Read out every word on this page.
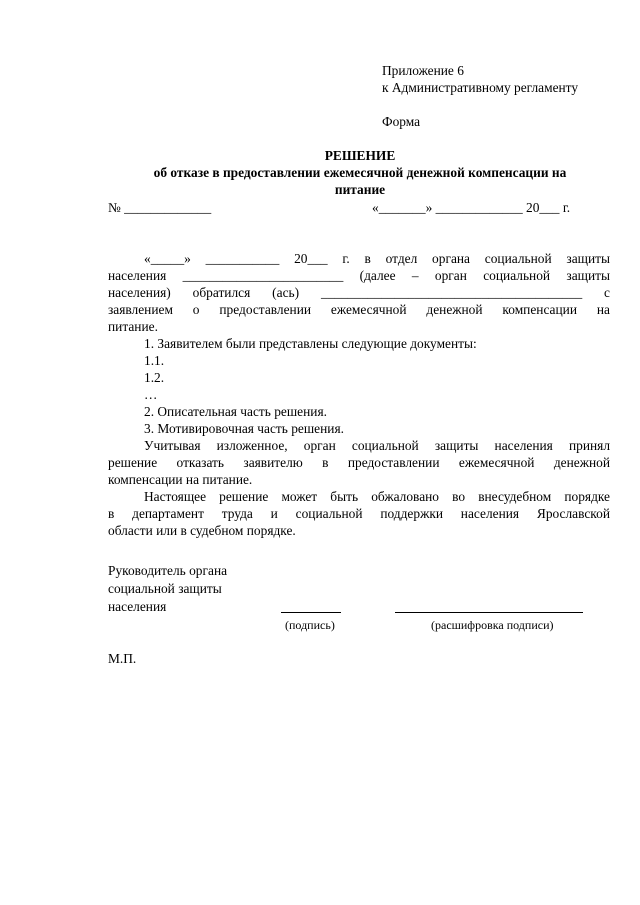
Приложение 6
к Административному регламенту
Форма
РЕШЕНИЕ
об отказе в предоставлении ежемесячной денежной компенсации на
питание
№ _____________	«_______» _____________ 20___ г.
«_____» ___________ 20___ г. в отдел органа социальной защиты
населения ________________________ (далее – орган социальной защиты
населения) обратился (ась) _______________________________________ с
заявлением о предоставлении ежемесячной денежной компенсации на
питание.
1. Заявителем были представлены следующие документы:
1.1.
1.2.
…
2. Описательная часть решения.
3. Мотивировочная часть решения.
Учитывая изложенное, орган социальной защиты населения принял
решение отказать заявителю в предоставлении ежемесячной денежной
компенсации на питание.
Настоящее решение может быть обжаловано во внесудебном порядке
в департамент труда и социальной поддержки населения Ярославской
области или в судебном порядке.
Руководитель органа
социальной защиты
населения
(подпись)	(расшифровка подписи)
М.П.
